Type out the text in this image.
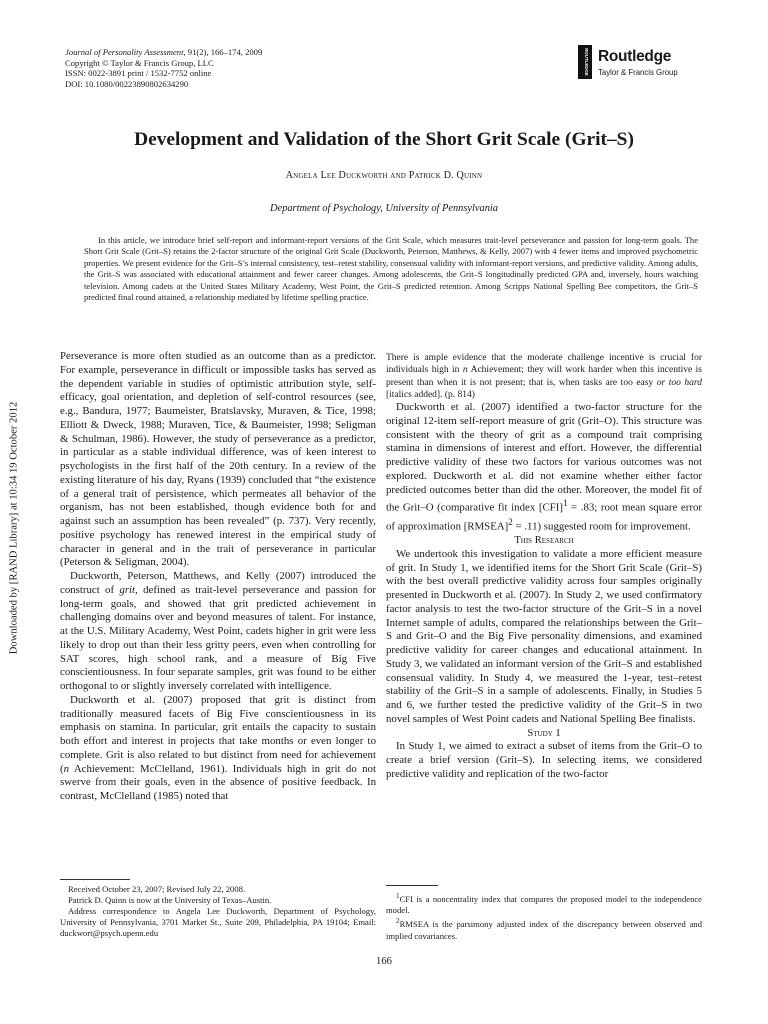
Journal of Personality Assessment, 91(2), 166–174, 2009
Copyright © Taylor & Francis Group, LLC
ISSN: 0022-3891 print / 1532-7752 online
DOI: 10.1080/00223890802634290
ROUTLEDGE Routledge
Taylor & Francis Group
Development and Validation of the Short Grit Scale (Grit–S)
Angela Lee Duckworth and Patrick D. Quinn
Department of Psychology, University of Pennsylvania
In this article, we introduce brief self-report and informant-report versions of the Grit Scale, which measures trait-level perseverance and passion for long-term goals. The Short Grit Scale (Grit–S) retains the 2-factor structure of the original Grit Scale (Duckworth, Peterson, Matthews, & Kelly, 2007) with 4 fewer items and improved psychometric properties. We present evidence for the Grit–S’s internal consistency, test–retest stability, consensual validity with informant-report versions, and predictive validity. Among adults, the Grit–S was associated with educational attainment and fewer career changes. Among adolescents, the Grit–S longitudinally predicted GPA and, inversely, hours watching television. Among cadets at the United States Military Academy, West Point, the Grit–S predicted retention. Among Scripps National Spelling Bee competitors, the Grit–S predicted final round attained, a relationship mediated by lifetime spelling practice.
Downloaded by [RAND Library] at 10:34 19 October 2012

Perseverance is more often studied as an outcome than as a predictor. For example, perseverance in difficult or impossible tasks has served as the dependent variable in studies of optimistic attribution style, self-efficacy, goal orientation, and depletion of self-control resources (see, e.g., Bandura, 1977; Baumeister, Bratslavsky, Muraven, & Tice, 1998; Elliott & Dweck, 1988; Muraven, Tice, & Baumeister, 1998; Seligman & Schulman, 1986). However, the study of perseverance as a predictor, in particular as a stable individual difference, was of keen interest to psychologists in the first half of the 20th century. In a review of the existing literature of his day, Ryans (1939) concluded that “the existence of a general trait of persistence, which permeates all behavior of the organism, has not been established, though evidence both for and against such an assumption has been revealed” (p. 737). Very recently, positive psychology has renewed interest in the empirical study of character in general and in the trait of perseverance in particular (Peterson & Seligman, 2004).

Duckworth, Peterson, Matthews, and Kelly (2007) introduced the construct of grit, defined as trait-level perseverance and passion for long-term goals, and showed that grit predicted achievement in challenging domains over and beyond measures of talent. For instance, at the U.S. Military Academy, West Point, cadets higher in grit were less likely to drop out than their less gritty peers, even when controlling for SAT scores, high school rank, and a measure of Big Five conscientiousness. In four separate samples, grit was found to be either orthogonal to or slightly inversely correlated with intelligence.

Duckworth et al. (2007) proposed that grit is distinct from traditionally measured facets of Big Five conscientiousness in its emphasis on stamina. In particular, grit entails the capacity to sustain both effort and interest in projects that take months or even longer to complete. Grit is also related to but distinct from need for achievement (n Achievement: McClelland, 1961). Individuals high in grit do not swerve from their goals, even in the absence of positive feedback. In contrast, McClelland (1985) noted that

There is ample evidence that the moderate challenge incentive is crucial for individuals high in n Achievement; they will work harder when this incentive is present than when it is not present; that is, when tasks are too easy or too hard [italics added]. (p. 814)

Duckworth et al. (2007) identified a two-factor structure for the original 12-item self-report measure of grit (Grit–O). This structure was consistent with the theory of grit as a compound trait comprising stamina in dimensions of interest and effort. However, the differential predictive validity of these two factors for various outcomes was not explored. Duckworth et al. did not examine whether either factor predicted outcomes better than did the other. Moreover, the model fit of the Grit–O (comparative fit index [CFI]$^1$ = .83; root mean square error of approximation [RMSEA]$^2$ = .11) suggested room for improvement.

This Research

We undertook this investigation to validate a more efficient measure of grit. In Study 1, we identified items for the Short Grit Scale (Grit–S) with the best overall predictive validity across four samples originally presented in Duckworth et al. (2007). In Study 2, we used confirmatory factor analysis to test the two-factor structure of the Grit–S in a novel Internet sample of adults, compared the relationships between the Grit–S and Grit–O and the Big Five personality dimensions, and examined predictive validity for career changes and educational attainment. In Study 3, we validated an informant version of the Grit–S and established consensual validity. In Study 4, we measured the 1-year, test–retest stability of the Grit–S in a sample of adolescents. Finally, in Studies 5 and 6, we further tested the predictive validity of the Grit–S in two novel samples of West Point cadets and National Spelling Bee finalists.

Study 1

In Study 1, we aimed to extract a subset of items from the Grit–O to create a brief version (Grit–S). In selecting items, we considered predictive validity and replication of the two-factor

Received October 23, 2007; Revised July 22, 2008.

Patrick D. Quinn is now at the University of Texas–Austin.

Address correspondence to Angela Lee Duckworth, Department of Psychology, University of Pennsylvania, 3701 Market St., Suite 209, Philadelphia, PA 19104; Email: duckwort@psych.upenn.edu

$^1$CFI is a noncentrality index that compares the proposed model to the independence model.

$^2$RMSEA is the parsimony adjusted index of the discrepancy between observed and implied covariances.

166
